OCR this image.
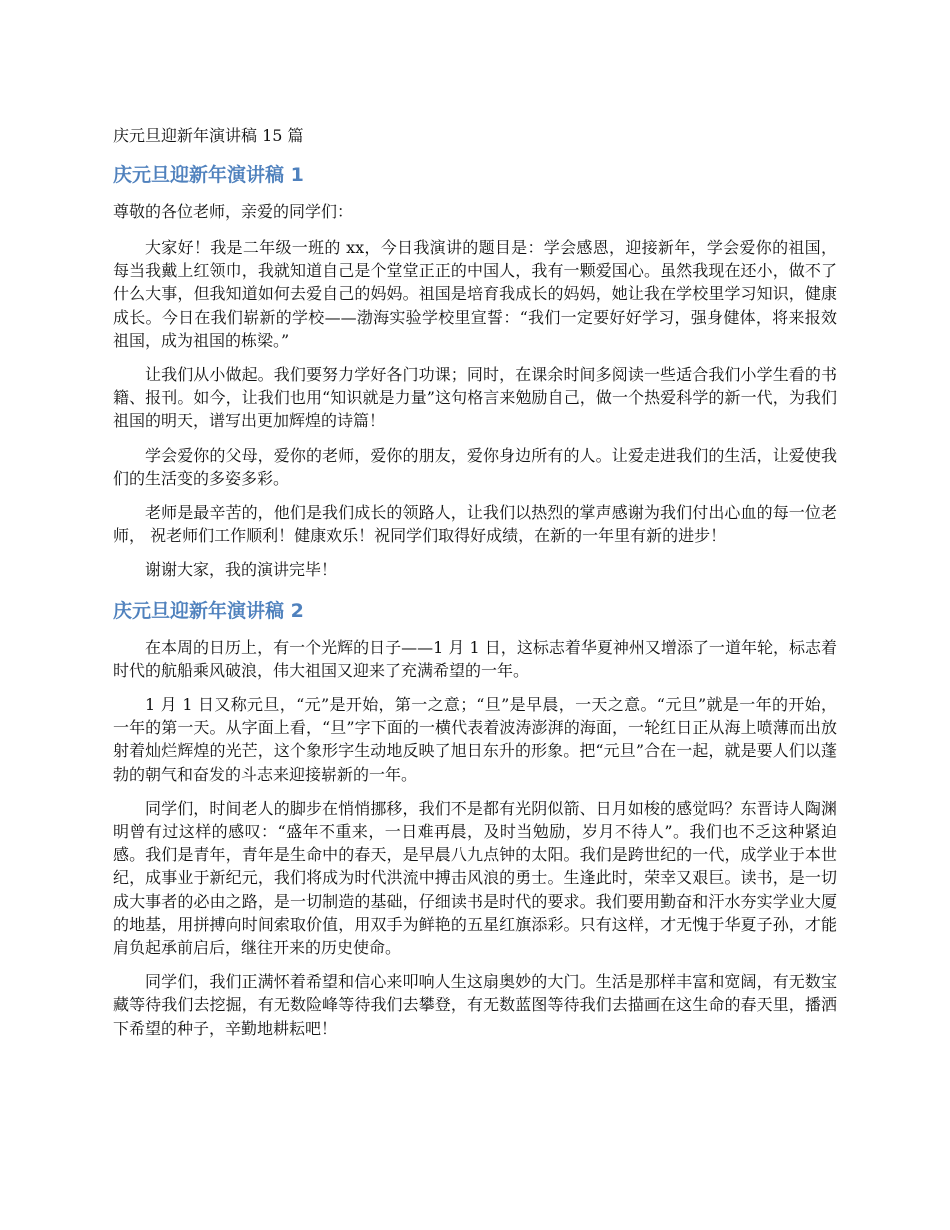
庆元旦迎新年演讲稿 15 篇
庆元旦迎新年演讲稿 1

尊敬的各位老师，亲爱的同学们：

大家好！我是二年级一班的 xx，今日我演讲的题目是：学会感恩，迎接新年，学会爱你的祖国，每当我戴上红领巾，我就知道自己是个堂堂正正的中国人，我有一颗爱国心。虽然我现在还小，做不了什么大事，但我知道如何去爱自己的妈妈。祖国是培育我成长的妈妈，她让我在学校里学习知识，健康成长。今日在我们崭新的学校——渤海实验学校里宣誓：“我们一定要好好学习，强身健体，将来报效祖国，成为祖国的栋梁。”

让我们从小做起。我们要努力学好各门功课；同时，在课余时间多阅读一些适合我们小学生看的书籍、报刊。如今，让我们也用“知识就是力量”这句格言来勉励自己，做一个热爱科学的新一代，为我们祖国的明天，谱写出更加辉煌的诗篇！

学会爱你的父母，爱你的老师，爱你的朋友，爱你身边所有的人。让爱走进我们的生活，让爱使我们的生活变的多姿多彩。

老师是最辛苦的，他们是我们成长的领路人，让我们以热烈的掌声感谢为我们付出心血的每一位老师， 祝老师们工作顺利！健康欢乐！祝同学们取得好成绩，在新的一年里有新的进步！

谢谢大家，我的演讲完毕！

庆元旦迎新年演讲稿 2

在本周的日历上，有一个光辉的日子——1 月 1 日，这标志着华夏神州又增添了一道年轮，标志着时代的航船乘风破浪，伟大祖国又迎来了充满希望的一年。

1 月 1 日又称元旦，“元”是开始，第一之意；“旦”是早晨，一天之意。“元旦”就是一年的开始，一年的第一天。从字面上看，“旦”字下面的一横代表着波涛澎湃的海面，一轮红日正从海上喷薄而出放射着灿烂辉煌的光芒，这个象形字生动地反映了旭日东升的形象。把“元旦”合在一起，就是要人们以蓬勃的朝气和奋发的斗志来迎接崭新的一年。

同学们，时间老人的脚步在悄悄挪移，我们不是都有光阴似箭、日月如梭的感觉吗？东晋诗人陶渊明曾有过这样的感叹：“盛年不重来，一日难再晨，及时当勉励，岁月不待人”。我们也不乏这种紧迫感。我们是青年，青年是生命中的春天，是早晨八九点钟的太阳。我们是跨世纪的一代，成学业于本世纪，成事业于新纪元，我们将成为时代洪流中搏击风浪的勇士。生逢此时，荣幸又艰巨。读书，是一切成大事者的必由之路，是一切制造的基础，仔细读书是时代的要求。我们要用勤奋和汗水夯实学业大厦的地基，用拼搏向时间索取价值，用双手为鲜艳的五星红旗添彩。只有这样，才无愧于华夏子孙，才能肩负起承前启后，继往开来的历史使命。

同学们，我们正满怀着希望和信心来叩响人生这扇奥妙的大门。生活是那样丰富和宽阔，有无数宝藏等待我们去挖掘，有无数险峰等待我们去攀登，有无数蓝图等待我们去描画在这生命的春天里，播洒下希望的种子，辛勤地耕耘吧！
